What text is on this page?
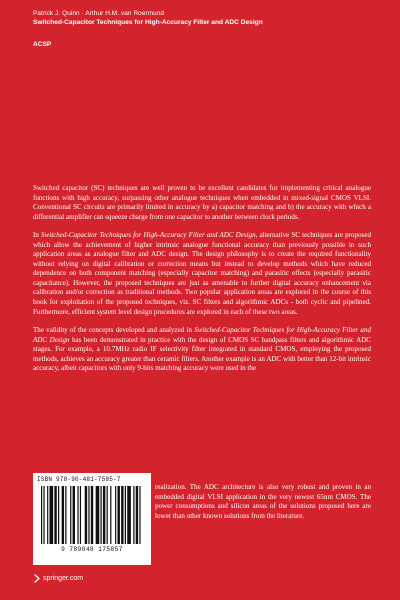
Patrick J. Quinn · Arthur H.M. van Roermund
Switched-Capacitor Techniques for High-Accuracy Filter and ADC Design
ACSP

Switched capacitor (SC) techniques are well proven to be excellent candidates for implementing critical analogue functions with high accuracy, surpassing other analogue techniques when embedded in mixed-signal CMOS VLSI. Conventional SC circuits are primarily limited in accuracy by a) capacitor matching and b) the accuracy with which a differential amplifier can squeeze charge from one capacitor to another between clock periods.

In Switched-Capacitor Techniques for High-Accuracy Filter and ADC Design, alternative SC techniques are proposed which allow the achievement of higher intrinsic analogue functional accuracy than previously possible in such application areas as analogue filter and ADC design. The design philosophy is to create the required functionality without relying on digital calibration or correction means but instead to develop methods which have reduced dependence on both component matching (especially capacitor matching) and parasitic effects (especially parasitic capacitance). However, the proposed techniques are just as amenable to further digital accuracy enhancement via calibration and/or correction as traditional methods. Two popular application areas are explored in the course of this book for exploitation of the proposed techniques, viz. SC filters and algorithmic ADCs - both cyclic and pipelined. Furthermore, efficient system level design procedures are explored in each of these two areas.

The validity of the concepts developed and analyzed in Switched-Capacitor Techniques for High-Accuracy Filter and ADC Design has been demonstrated in practice with the design of CMOS SC bandpass filters and algorithmic ADC stages. For example, a 10.7MHz radio IF selectivity filter integrated in standard CMOS, employing the proposed methods, achieves an accuracy greater than ceramic filters. Another example is an ADC with better than 12-bit intrinsic accuracy, albeit capacitors with only 9-bits matching accuracy were used in the

realization. The ADC architecture is also very robust and proven in an embedded digital VLSI application in the very newest 65nm CMOS. The power consumptions and silicon areas of the solutions proposed here are lower than other known solutions from the literature.
ISBN 978-90-481-7585-7
9 789048 175857
springer.com
